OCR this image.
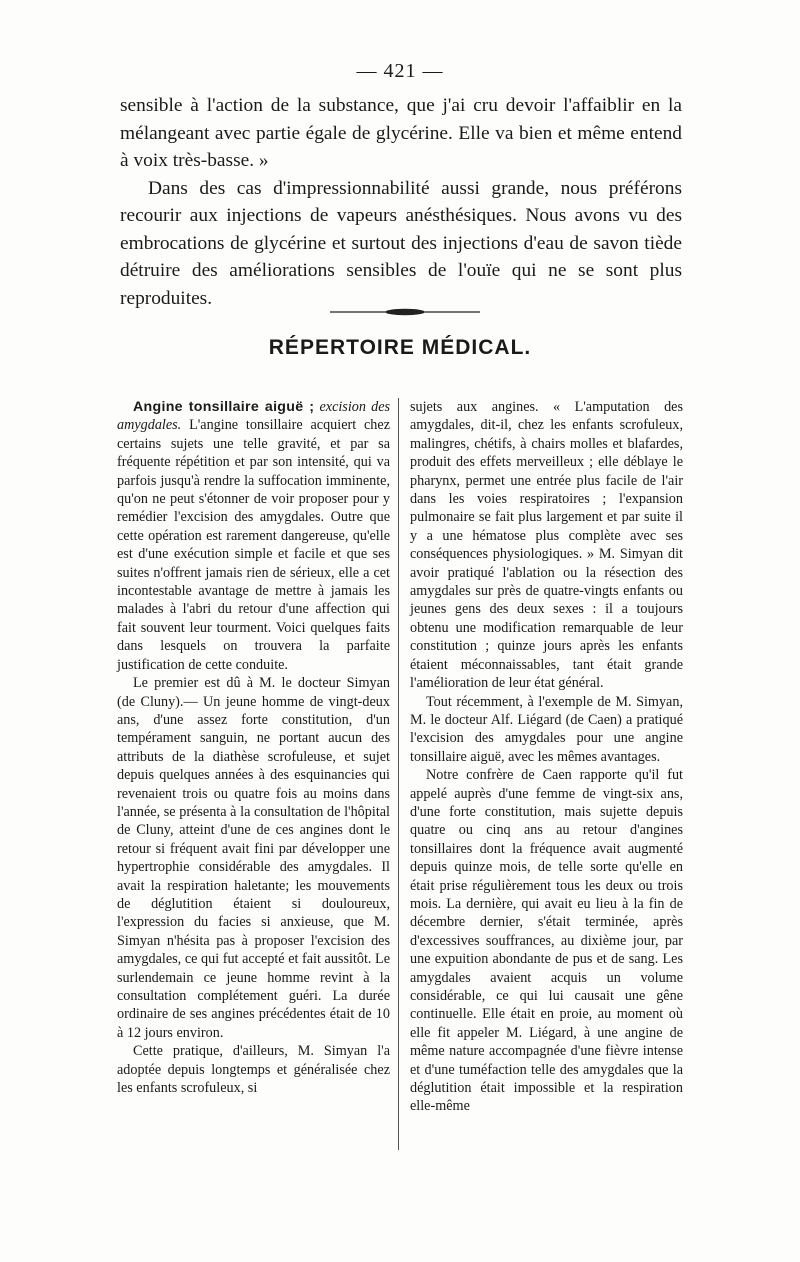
— 421 —

sensible à l'action de la substance, que j'ai cru devoir l'affaiblir en la mélangeant avec partie égale de glycérine. Elle va bien et même entend à voix très-basse. »

Dans des cas d'impressionnabilité aussi grande, nous préférons recourir aux injections de vapeurs anésthésiques. Nous avons vu des embrocations de glycérine et surtout des injections d'eau de savon tiède détruire des améliorations sensibles de l'ouïe qui ne se sont plus reproduites.

RÉPERTOIRE MÉDICAL.

Angine tonsillaire aiguë ; excision des amygdales. L'angine tonsillaire acquiert chez certains sujets une telle gravité, et par sa fréquente répétition et par son intensité, qui va parfois jusqu'à rendre la suffocation imminente, qu'on ne peut s'étonner de voir proposer pour y remédier l'excision des amygdales. Outre que cette opération est rarement dangereuse, qu'elle est d'une exécution simple et facile et que ses suites n'offrent jamais rien de sérieux, elle a cet incontestable avantage de mettre à jamais les malades à l'abri du retour d'une affection qui fait souvent leur tourment. Voici quelques faits dans lesquels on trouvera la parfaite justification de cette conduite.

Le premier est dû à M. le docteur Simyan (de Cluny).— Un jeune homme de vingt-deux ans, d'une assez forte constitution, d'un tempérament sanguin, ne portant aucun des attributs de la diathèse scrofuleuse, et sujet depuis quelques années à des esquinancies qui revenaient trois ou quatre fois au moins dans l'année, se présenta à la consultation de l'hôpital de Cluny, atteint d'une de ces angines dont le retour si fréquent avait fini par développer une hypertrophie considérable des amygdales. Il avait la respiration haletante; les mouvements de déglutition étaient si douloureux, l'expression du facies si anxieuse, que M. Simyan n'hésita pas à proposer l'excision des amygdales, ce qui fut accepté et fait aussitôt. Le surlendemain ce jeune homme revint à la consultation complétement guéri. La durée ordinaire de ses angines précédentes était de 10 à 12 jours environ.

Cette pratique, d'ailleurs, M. Simyan l'a adoptée depuis longtemps et généralisée chez les enfants scrofuleux, si

sujets aux angines. « L'amputation des amygdales, dit-il, chez les enfants scrofuleux, malingres, chétifs, à chairs molles et blafardes, produit des effets merveilleux ; elle déblaye le pharynx, permet une entrée plus facile de l'air dans les voies respiratoires ; l'expansion pulmonaire se fait plus largement et par suite il y a une hématose plus complète avec ses conséquences physiologiques. » M. Simyan dit avoir pratiqué l'ablation ou la résection des amygdales sur près de quatre-vingts enfants ou jeunes gens des deux sexes : il a toujours obtenu une modification remarquable de leur constitution ; quinze jours après les enfants étaient méconnaissables, tant était grande l'amélioration de leur état général.

Tout récemment, à l'exemple de M. Simyan, M. le docteur Alf. Liégard (de Caen) a pratiqué l'excision des amygdales pour une angine tonsillaire aiguë, avec les mêmes avantages.

Notre confrère de Caen rapporte qu'il fut appelé auprès d'une femme de vingt-six ans, d'une forte constitution, mais sujette depuis quatre ou cinq ans au retour d'angines tonsillaires dont la fréquence avait augmenté depuis quinze mois, de telle sorte qu'elle en était prise régulièrement tous les deux ou trois mois. La dernière, qui avait eu lieu à la fin de décembre dernier, s'était terminée, après d'excessives souffrances, au dixième jour, par une expuition abondante de pus et de sang. Les amygdales avaient acquis un volume considérable, ce qui lui causait une gêne continuelle. Elle était en proie, au moment où elle fit appeler M. Liégard, à une angine de même nature accompagnée d'une fièvre intense et d'une tuméfaction telle des amygdales que la déglutition était impossible et la respiration elle-même
